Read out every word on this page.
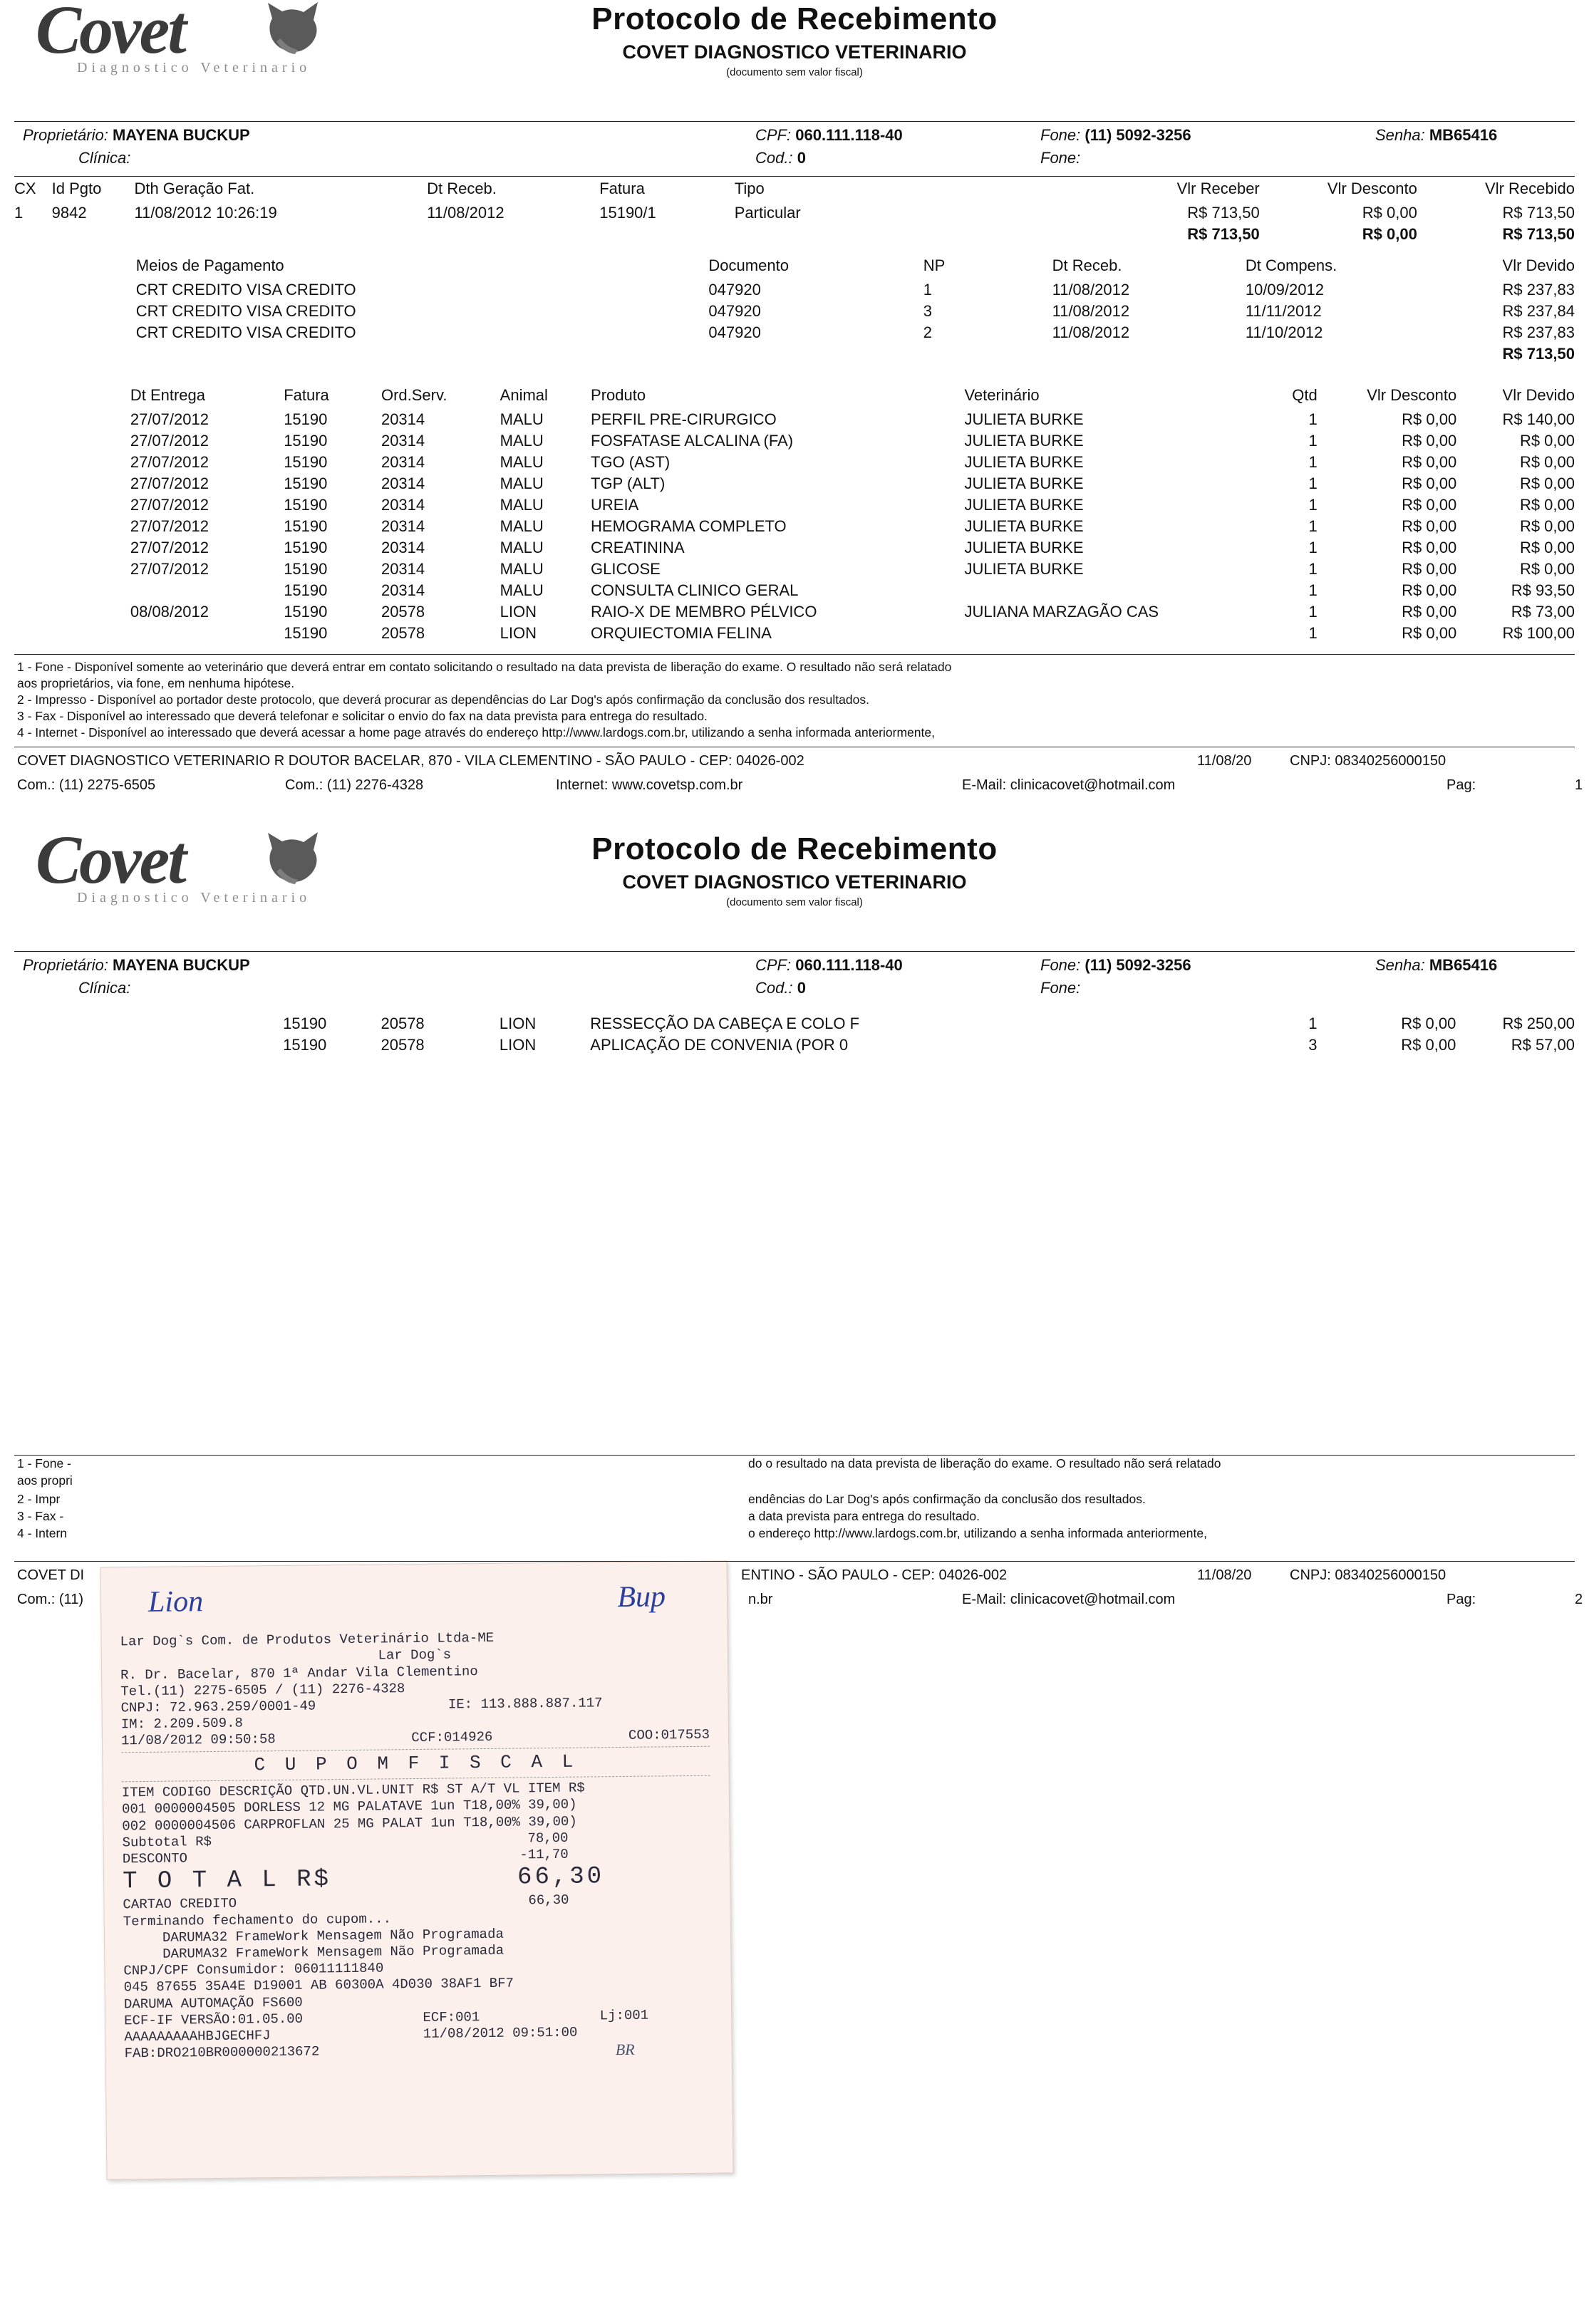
Covet
Diagnostico Veterinario
Protocolo de Recebimento
COVET DIAGNOSTICO VETERINARIO
(documento sem valor fiscal)
Proprietário: MAYENA BUCKUP
Clínica:
CPF: 060.111.118-40
Cod.: 0
Fone: (11) 5092-3256
Fone:
Senha: MB65416
CX	Id Pgto	Dth Geração Fat.	Dt Receb.	Fatura	Tipo	Vlr Receber	Vlr Desconto	Vlr Recebido
1	9842	11/08/2012 10:26:19	11/08/2012	15190/1	Particular	R$ 713,50	R$ 0,00	R$ 713,50
						R$ 713,50	R$ 0,00	R$ 713,50
	Meios de Pagamento	Documento	NP	Dt Receb.	Dt Compens.	Vlr Devido
	CRT CREDITO VISA CREDITO	047920	1	11/08/2012	10/09/2012	R$ 237,83
	CRT CREDITO VISA CREDITO	047920	3	11/08/2012	11/11/2012	R$ 237,84
	CRT CREDITO VISA CREDITO	047920	2	11/08/2012	11/10/2012	R$ 237,83
						R$ 713,50
	Dt Entrega	Fatura	Ord.Serv.	Animal	Produto	Veterinário	Qtd	Vlr Desconto	Vlr Devido
	27/07/2012	15190	20314	MALU	PERFIL PRE-CIRURGICO	JULIETA BURKE	1	R$ 0,00	R$ 140,00
	27/07/2012	15190	20314	MALU	FOSFATASE ALCALINA (FA)	JULIETA BURKE	1	R$ 0,00	R$ 0,00
	27/07/2012	15190	20314	MALU	TGO (AST)	JULIETA BURKE	1	R$ 0,00	R$ 0,00
	27/07/2012	15190	20314	MALU	TGP (ALT)	JULIETA BURKE	1	R$ 0,00	R$ 0,00
	27/07/2012	15190	20314	MALU	UREIA	JULIETA BURKE	1	R$ 0,00	R$ 0,00
	27/07/2012	15190	20314	MALU	HEMOGRAMA COMPLETO	JULIETA BURKE	1	R$ 0,00	R$ 0,00
	27/07/2012	15190	20314	MALU	CREATININA	JULIETA BURKE	1	R$ 0,00	R$ 0,00
	27/07/2012	15190	20314	MALU	GLICOSE	JULIETA BURKE	1	R$ 0,00	R$ 0,00
		15190	20314	MALU	CONSULTA CLINICO GERAL		1	R$ 0,00	R$ 93,50
	08/08/2012	15190	20578	LION	RAIO-X DE MEMBRO PÉLVICO	JULIANA MARZAGÃO CAS	1	R$ 0,00	R$ 73,00
		15190	20578	LION	ORQUIECTOMIA FELINA		1	R$ 0,00	R$ 100,00
1 - Fone - Disponível somente ao veterinário que deverá entrar em contato solicitando o resultado na data prevista de liberação do exame. O resultado não será relatado
aos proprietários, via fone, em nenhuma hipótese.
2 - Impresso - Disponível ao portador deste protocolo, que deverá procurar as dependências do Lar Dog's após confirmação da conclusão dos resultados.
3 - Fax - Disponível ao interessado que deverá telefonar e solicitar o envio do fax na data prevista para entrega do resultado.
4 - Internet - Disponível ao interessado que deverá acessar a home page através do endereço http://www.lardogs.com.br, utilizando a senha informada anteriormente,
COVET DIAGNOSTICO VETERINARIO R DOUTOR BACELAR, 870 - VILA CLEMENTINO - SÃO PAULO - CEP: 04026-002
Com.: (11) 2275-6505	Com.: (11) 2276-4328	Internet: www.covetsp.com.br	E-Mail: clinicacovet@hotmail.com
11/08/20	CNPJ: 08340256000150
Pag:	1
Covet
Diagnostico Veterinario
Protocolo de Recebimento
COVET DIAGNOSTICO VETERINARIO
(documento sem valor fiscal)
Proprietário: MAYENA BUCKUP
Clínica:
CPF: 060.111.118-40
Cod.: 0
Fone: (11) 5092-3256
Fone:
Senha: MB65416
		15190	20578	LION	RESSECÇÃO DA CABEÇA E COLO F		1	R$ 0,00	R$ 250,00
		15190	20578	LION	APLICAÇÃO DE CONVENIA (POR 0		3	R$ 0,00	R$ 57,00
Lion	Bup
Lar Dog`s Com. de Produtos Veterinário Ltda-ME
Lar Dog`s
R. Dr. Bacelar, 870 1ª Andar Vila Clementino
Tel.(11) 2275-6505 / (11) 2276-4328
CNPJ: 72.963.259/0001-49	IE: 113.888.887.117
IM: 2.209.509.8
11/08/2012 09:50:58	CCF:014926	COO:017553
C U P O M F I S C A L
ITEM CODIGO DESCRIÇÃO QTD.UN.VL.UNIT R$ ST A/T VL ITEM R$
001 0000004505 DORLESS 12 MG PALATAVE 1un T18,00% 39,00)
002 0000004506 CARPROFLAN 25 MG PALAT 1un T18,00% 39,00)
Subtotal R$	78,00
DESCONTO	-11,70
T O T A L R$	66,30
CARTAO CREDITO	66,30
Terminando fechamento do cupom...
DARUMA32 FrameWork Mensagem Não Programada
DARUMA32 FrameWork Mensagem Não Programada
CNPJ/CPF Consumidor: 06011111840
045 87655 35A4E D19001 AB 60300A 4D030 38AF1 BF7
DARUMA AUTOMAÇÃO FS600
ECF-IF VERSÃO:01.05.00	ECF:001	Lj:001
AAAAAAAAAHBJGECHFJ	11/08/2012 09:51:00
FAB:DRO210BR000000213672	BR
1 - Fone -
aos propri
2 - Impr
3 - Fax -
4 - Intern
do o resultado na data prevista de liberação do exame. O resultado não será relatado
endências do Lar Dog's após confirmação da conclusão dos resultados.
a data prevista para entrega do resultado.
o endereço http://www.lardogs.com.br, utilizando a senha informada anteriormente,
COVET DI	ENTINO - SÃO PAULO - CEP: 04026-002
Com.: (11)	n.br	E-Mail: clinicacovet@hotmail.com
11/08/20	CNPJ: 08340256000150
Pag:	2
